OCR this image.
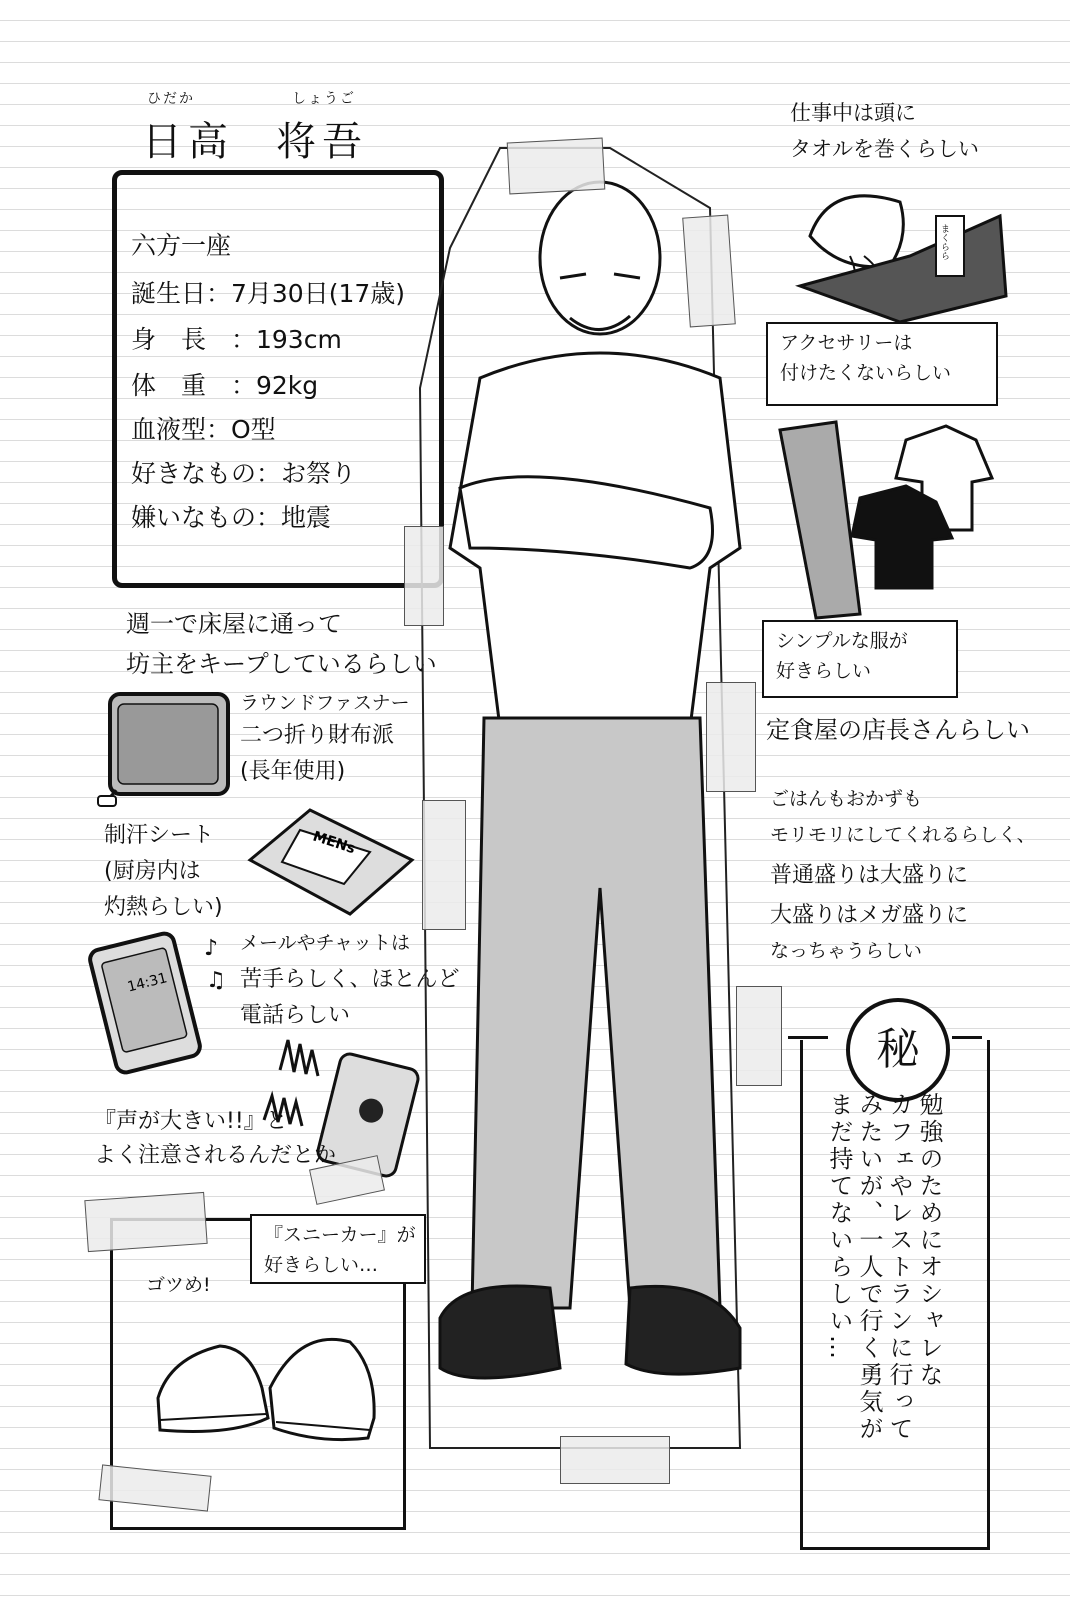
ひだか	しょうご
日高 将吾
六方一座
誕生日：7月30日(17歳)
身　長　：193cm
体　重　：92kg
血液型：O型
好きなもの：お祭り
嫌いなもの：地震
週一で床屋に通って
坊主をキープしているらしい
ラウンドファスナー
二つ折り財布派
(長年使用)
制汗シート
(厨房内は
灼熱らしい)
MENs
14:31
♪
♫
メールやチャットは
苦手らしく、ほとんど
電話らしい
『声が大きい!!』と
よく注意されるんだとか
『スニーカー』が
好きらしい…
ゴツめ!
仕事中は頭に
タオルを巻くらしい
まくらら
アクセサリーは
付けたくないらしい
シンプルな服が
好きらしい
定食屋の店長さんらしい
ごはんもおかずも
モリモリにしてくれるらしく、
普通盛りは大盛りに
大盛りはメガ盛りに
なっちゃうらしい
秘
勉強のためにオシャレな
カフェやレストランに行って
みたいが、一人で行く勇気が
まだ持てないらしい…
